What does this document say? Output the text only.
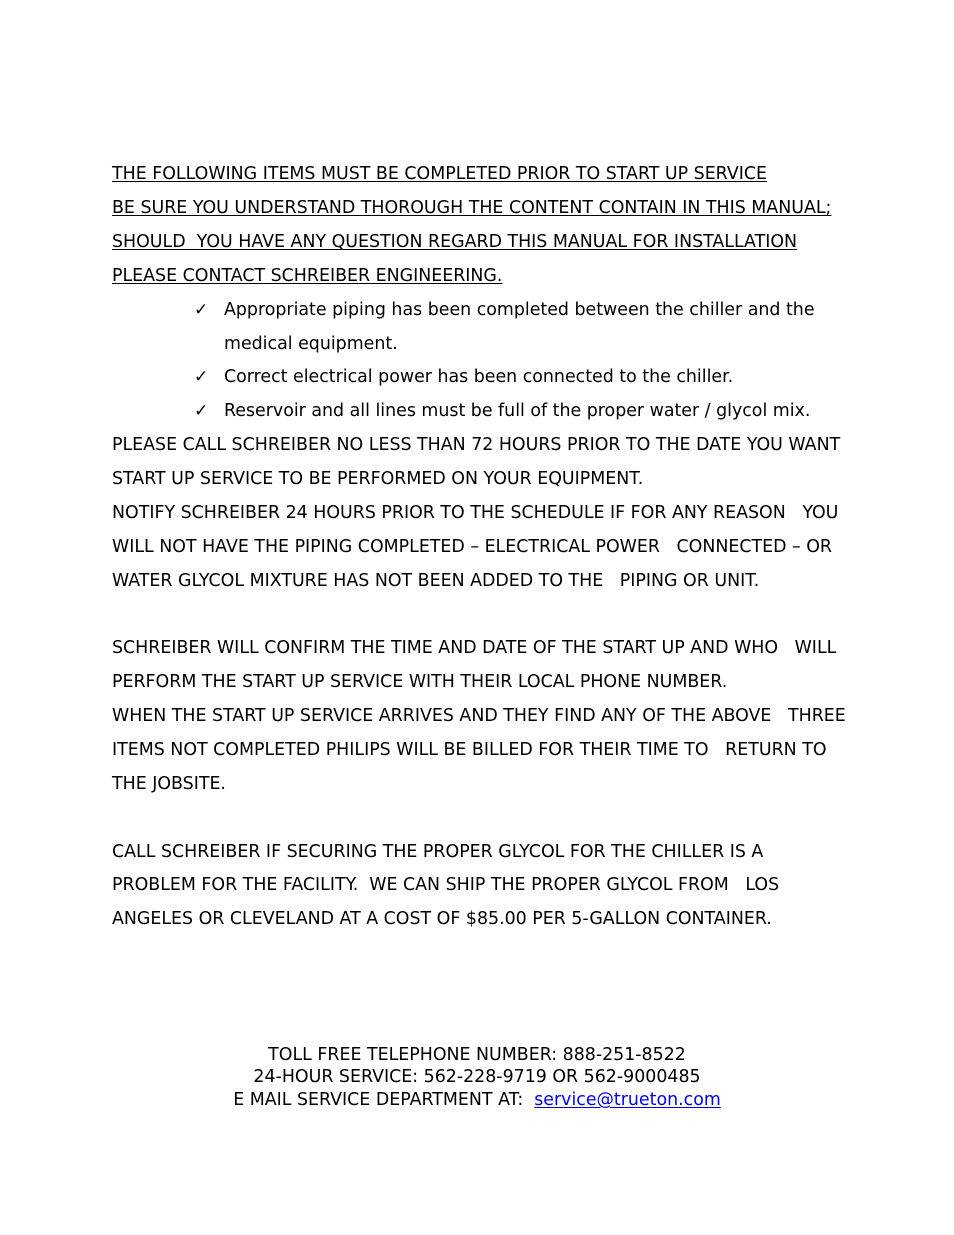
THE FOLLOWING ITEMS MUST BE COMPLETED PRIOR TO START UP SERVICE
BE SURE YOU UNDERSTAND THOROUGH THE CONTENT CONTAIN IN THIS MANUAL;
SHOULD  YOU HAVE ANY QUESTION REGARD THIS MANUAL FOR INSTALLATION
PLEASE CONTACT SCHREIBER ENGINEERING.
✓ Appropriate piping has been completed between the chiller and the
medical equipment.
✓ Correct electrical power has been connected to the chiller.
✓ Reservoir and all lines must be full of the proper water / glycol mix.
PLEASE CALL SCHREIBER NO LESS THAN 72 HOURS PRIOR TO THE DATE YOU WANT
START UP SERVICE TO BE PERFORMED ON YOUR EQUIPMENT.
NOTIFY SCHREIBER 24 HOURS PRIOR TO THE SCHEDULE IF FOR ANY REASON   YOU
WILL NOT HAVE THE PIPING COMPLETED – ELECTRICAL POWER   CONNECTED – OR
WATER GLYCOL MIXTURE HAS NOT BEEN ADDED TO THE   PIPING OR UNIT.
SCHREIBER WILL CONFIRM THE TIME AND DATE OF THE START UP AND WHO   WILL
PERFORM THE START UP SERVICE WITH THEIR LOCAL PHONE NUMBER.
WHEN THE START UP SERVICE ARRIVES AND THEY FIND ANY OF THE ABOVE   THREE
ITEMS NOT COMPLETED PHILIPS WILL BE BILLED FOR THEIR TIME TO   RETURN TO
THE JOBSITE.
CALL SCHREIBER IF SECURING THE PROPER GLYCOL FOR THE CHILLER IS A
PROBLEM FOR THE FACILITY.  WE CAN SHIP THE PROPER GLYCOL FROM   LOS
ANGELES OR CLEVELAND AT A COST OF $85.00 PER 5-GALLON CONTAINER.
TOLL FREE TELEPHONE NUMBER: 888-251-8522
24-HOUR SERVICE: 562-228-9719 OR 562-9000485
E MAIL SERVICE DEPARTMENT AT:  service@trueton.com
